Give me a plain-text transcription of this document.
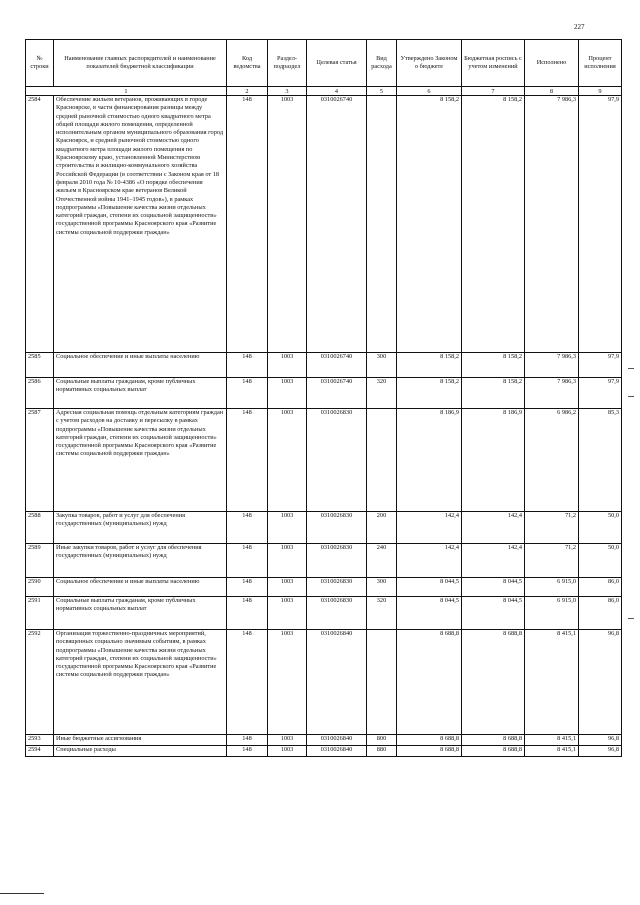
227
№ строки	Наименование главных распорядителей и наименование показателей бюджетной классификации	Код ведомства	Раздел-подраздел	Целевая статья	Вид расхода	Утверждено Законом о бюджете	Бюджетная роспись с учетом изменений	Исполнено	Процент исполнения
1		2	3	4	5	6	7	8	9
2584	Обеспечение жильем ветеранов, проживающих в городе Красноярске, в части финансирования разницы между средней рыночной стоимостью одного квадратного метра общей площади жилого помещения, определенной исполнительным органом муниципального образования город Красноярск, и средней рыночной стоимостью одного квадратного метра площади жилого помещения по Красноярскому краю, установленной Министерством строительства и жилищно-коммунального хозяйства Российской Федерации (в соответствии с Законом края от 18 февраля 2010 года № 10-4386 «О порядке обеспечения жильем в Красноярском крае ветеранов Великой Отечественной войны 1941–1945 годов»), в рамках подпрограммы «Повышение качества жизни отдельных категорий граждан, степени их социальной защищенности» государственной программы Красноярского края «Развитие системы социальной поддержки граждан»	148	1003	0310026740		8 158,2	8 158,2	7 986,3	97,9
2585	Социальное обеспечение и иные выплаты населению	148	1003	0310026740	300	8 158,2	8 158,2	7 986,3	97,9
2586	Социальные выплаты гражданам, кроме публичных нормативных социальных выплат	148	1003	0310026740	320	8 158,2	8 158,2	7 986,3	97,9
2587	Адресная социальная помощь отдельным категориям граждан с учетом расходов на доставку и пересылку в рамках подпрограммы «Повышение качества жизни отдельных категорий граждан, степени их социальной защищенности» государственной программы Красноярского края «Развитие системы социальной поддержки граждан»	148	1003	0310026830		8 186,9	8 186,9	6 986,2	85,3
2588	Закупка товаров, работ и услуг для обеспечения государственных (муниципальных) нужд	148	1003	0310026830	200	142,4	142,4	71,2	50,0
2589	Иные закупки товаров, работ и услуг для обеспечения государственных (муниципальных) нужд	148	1003	0310026830	240	142,4	142,4	71,2	50,0
2590	Социальное обеспечение и иные выплаты населению	148	1003	0310026830	300	8 044,5	8 044,5	6 915,0	86,0
2591	Социальные выплаты гражданам, кроме публичных нормативных социальных выплат	148	1003	0310026830	320	8 044,5	8 044,5	6 915,0	86,0
2592	Организация торжественно-праздничных мероприятий, посвященных социально значимым событиям, в рамках подпрограммы «Повышение качества жизни отдельных категорий граждан, степени их социальной защищенности» государственной программы Красноярского края «Развитие системы социальной поддержки граждан»	148	1003	0310026840		8 688,8	8 688,8	8 415,1	96,8
2593	Иные бюджетные ассигнования	148	1003	0310026840	800	8 688,8	8 688,8	8 415,1	96,8
2594	Специальные расходы	148	1003	0310026840	880	8 688,8	8 688,8	8 415,1	96,8
